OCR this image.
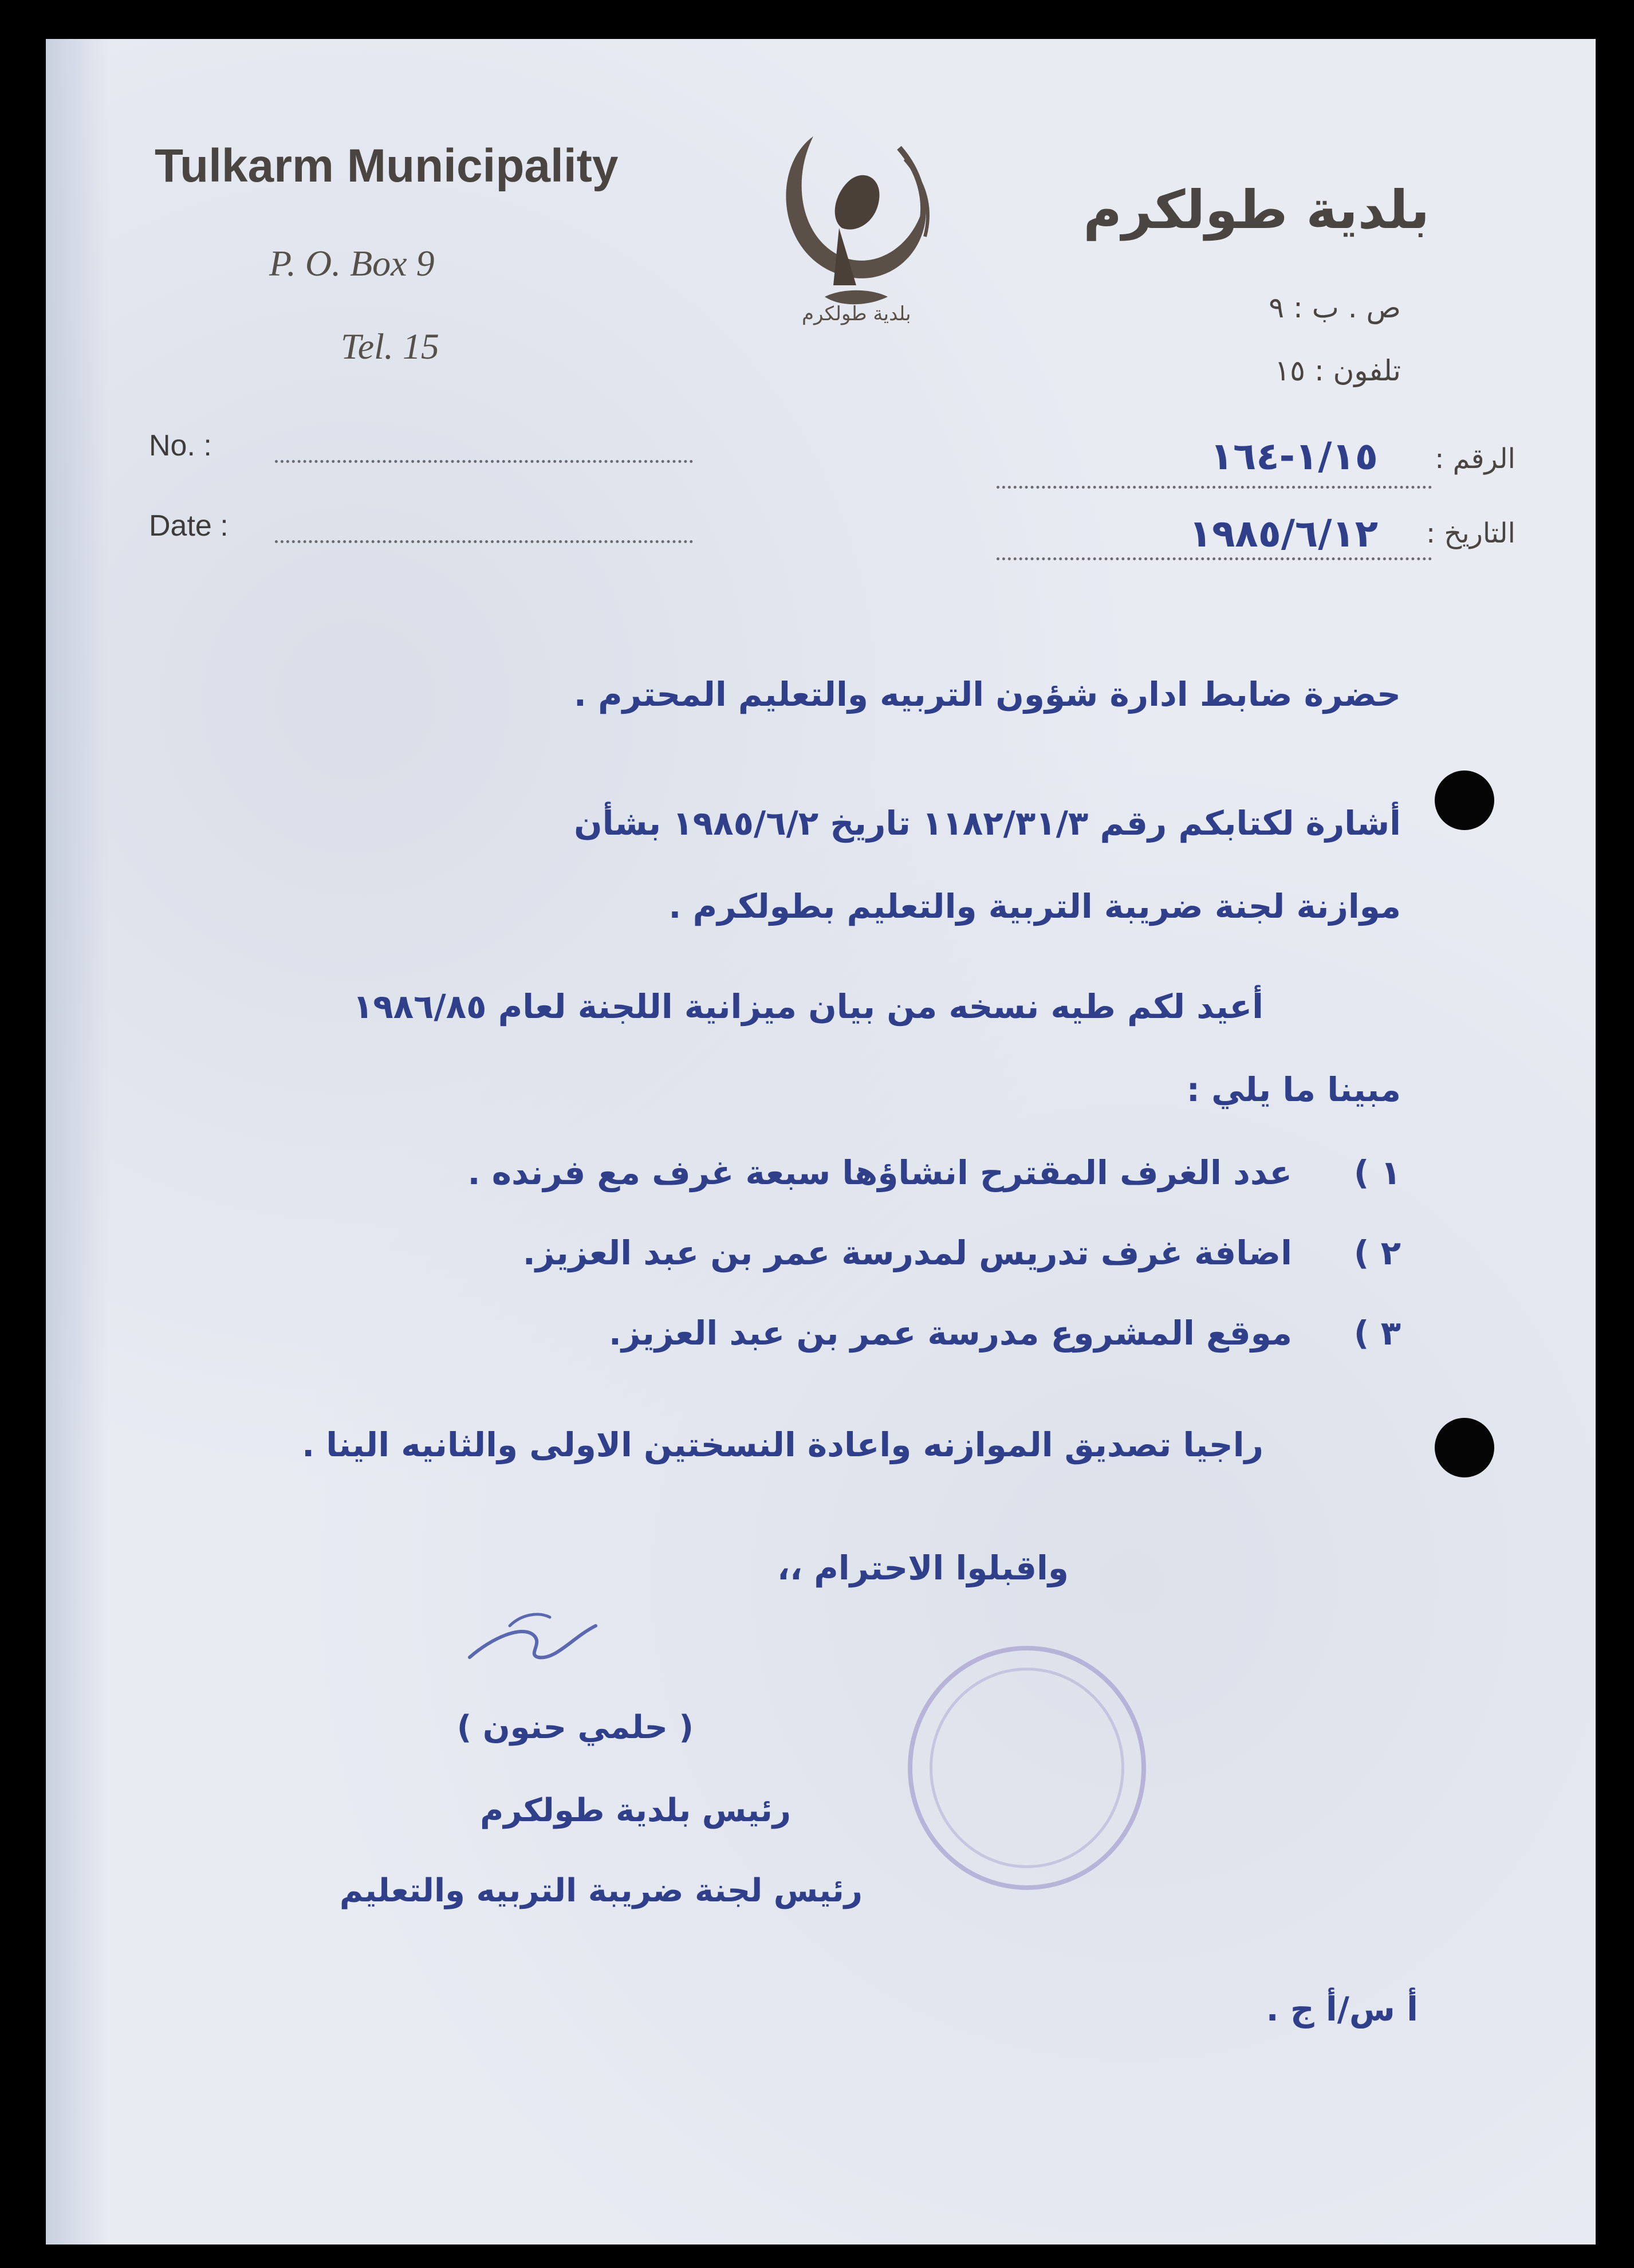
Tulkarm Municipality
P. O. Box 9
Tel. 15
بلدية طولكرم
بلدية طولكرم
ص . ب : ٩
تلفون : ١٥
No. :
Date :
الرقم :
١/١٥-١٦٤
التاريخ :
١٩٨٥/٦/١٢
حضرة ضابط ادارة شؤون التربيه والتعليم المحترم .
أشارة لكتابكم رقم ١١٨٢/٣١/٣ تاريخ ١٩٨٥/٦/٢ بشأن
موازنة لجنة ضريبة التربية والتعليم بطولكرم .
أعيد لكم طيه نسخه من بيان ميزانية اللجنة لعام ١٩٨٦/٨٥
مبينا ما يلي :
١ )
عدد الغرف المقترح انشاؤها سبعة غرف مع فرنده .
٢ )
اضافة غرف تدريس لمدرسة عمر بن عبد العزيز.
٣ )
موقع المشروع مدرسة عمر بن عبد العزيز.
راجيا تصديق الموازنه واعادة النسختين الاولى والثانيه الينا .
واقبلوا الاحترام ،،
( حلمي حنون )
رئيس بلدية طولكرم
رئيس لجنة ضريبة التربيه والتعليم
أ س/أ ج .
